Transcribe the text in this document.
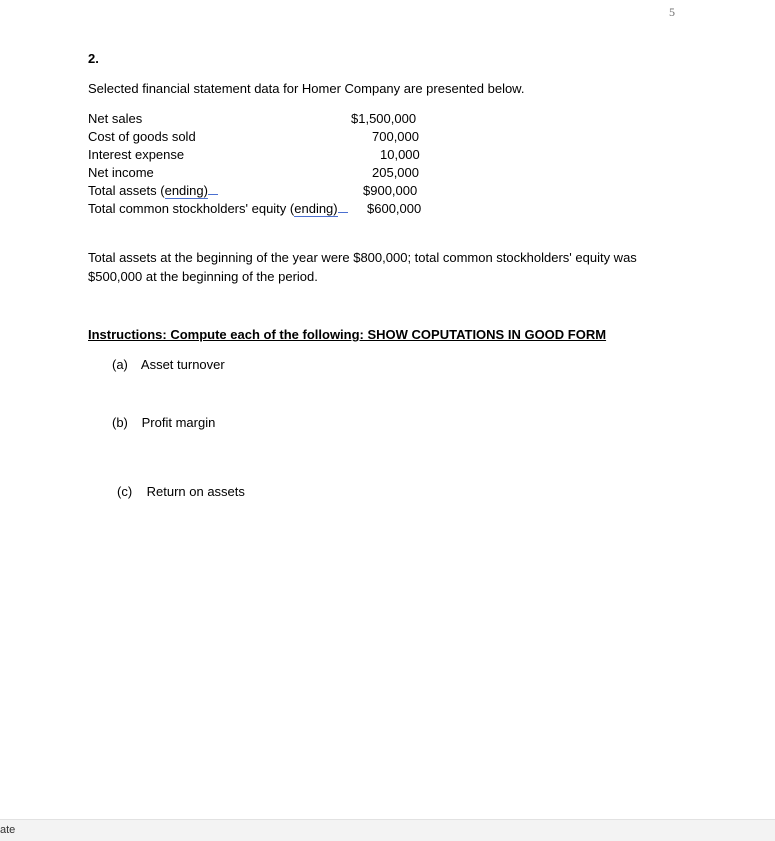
5
2.
Selected financial statement data for Homer Company are presented below.
Net sales	$1,500,000
Cost of goods sold	700,000
Interest expense	10,000
Net income	205,000
Total assets (ending)	$900,000
Total common stockholders' equity (ending)	$600,000
Total assets at the beginning of the year were $800,000; total common stockholders' equity was $500,000 at the beginning of the period.
Instructions: Compute each of the following: SHOW COPUTATIONS IN GOOD FORM
(a) Asset turnover
(b) Profit margin
(c) Return on assets
ate
